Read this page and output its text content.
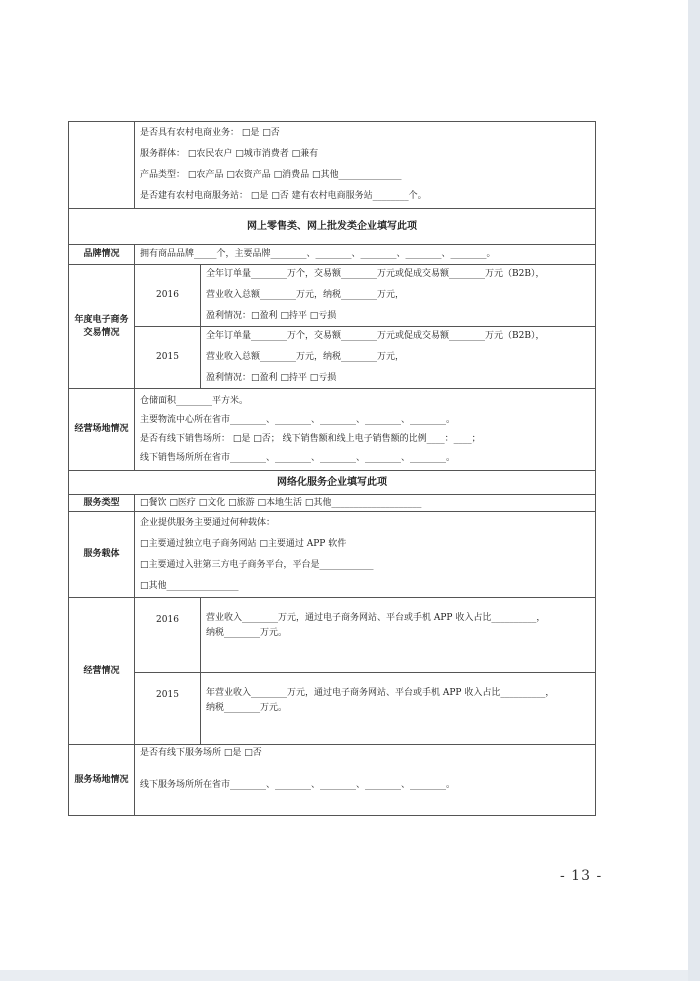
	是否具有农村电商业务： □是 □否
服务群体： □农民农户 □城市消费者 □兼有
产品类型： □农产品 □农资产品 □消费品 □其他______________
是否建有农村电商服务站： □是 □否 建有农村电商服务站________个。	

网上零售类、网上批发类企业填写此项		
品牌情况	拥有商品品牌_____个，主要品牌________、________、________、________、________。	

年度电子商务交易情况	2016	全年订单量________万个，交易额________万元或促成交易额________万元（B2B），
营业收入总额________万元，纳税________万元，
盈利情况：□盈利 □持平 □亏损

	2015	全年订单量________万个，交易额________万元或促成交易额________万元（B2B），
营业收入总额________万元，纳税________万元，
盈利情况：□盈利 □持平 □亏损

经营场地情况	仓储面积________平方米。
主要物流中心所在省市________、________、________、________、________。
是否有线下销售场所： □是 □否； 线下销售额和线上电子销售额的比例____：____；
线下销售场所所在省市________、________、________、________、________。	

网络化服务企业填写此项		
服务类型	□餐饮 □医疗 □文化 □旅游 □本地生活 □其他____________________	

服务载体	企业提供服务主要通过何种载体：
□主要通过独立电子商务网站 □主要通过 APP 软件
□主要通过入驻第三方电子商务平台，平台是____________
□其他________________	

经营情况	2016	营业收入________万元，通过电子商务网站、平台或手机 APP 收入占比__________，
纳税________万元。

	2015	年营业收入________万元，通过电子商务网站、平台或手机 APP 收入占比__________，
纳税________万元。

服务场地情况	是否有线下服务场所 □是 □否
线下服务场所所在省市________、________、________、________、________。	
- 13 -
